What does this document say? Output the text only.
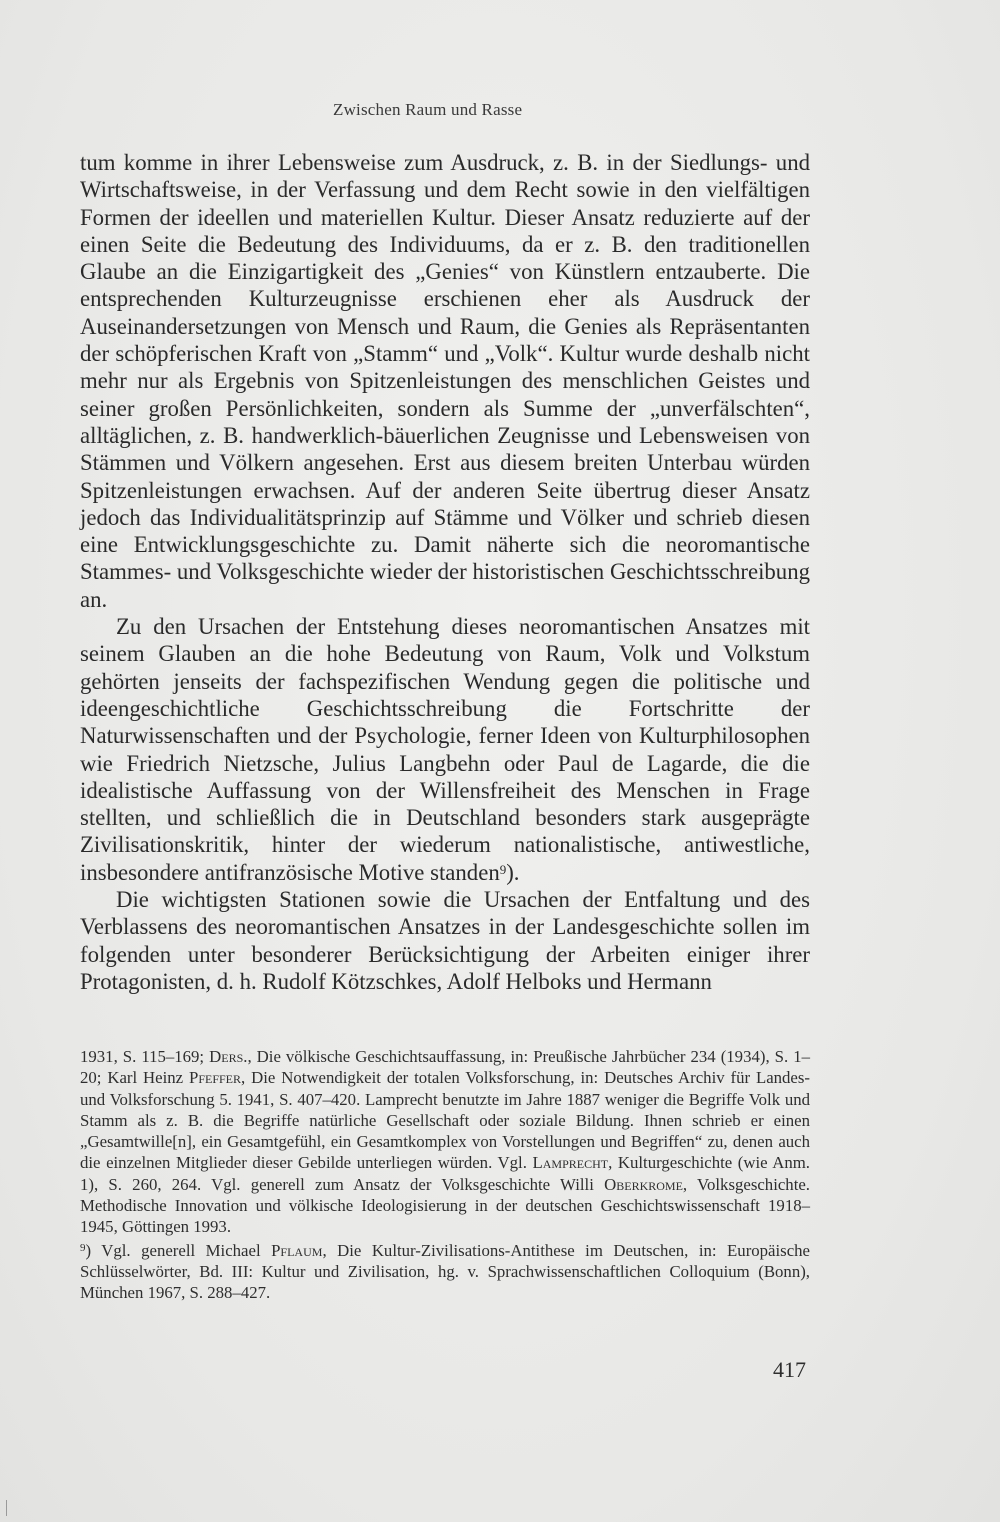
Zwischen Raum und Rasse

tum komme in ihrer Lebensweise zum Ausdruck, z. B. in der Siedlungs- und Wirtschaftsweise, in der Verfassung und dem Recht sowie in den vielfältigen Formen der ideellen und materiellen Kultur. Dieser Ansatz reduzierte auf der einen Seite die Bedeutung des Individuums, da er z. B. den traditionellen Glaube an die Einzigartigkeit des „Genies“ von Künstlern entzauberte. Die entsprechenden Kulturzeugnisse erschienen eher als Ausdruck der Auseinandersetzungen von Mensch und Raum, die Genies als Repräsentanten der schöpferischen Kraft von „Stamm“ und „Volk“. Kultur wurde deshalb nicht mehr nur als Ergebnis von Spitzenleistungen des menschlichen Geistes und seiner großen Persönlichkeiten, sondern als Summe der „unverfälschten“, alltäglichen, z. B. handwerklich-bäuerlichen Zeugnisse und Lebensweisen von Stämmen und Völkern angesehen. Erst aus diesem breiten Unterbau würden Spitzenleistungen erwachsen. Auf der anderen Seite übertrug dieser Ansatz jedoch das Individualitätsprinzip auf Stämme und Völker und schrieb diesen eine Entwicklungsgeschichte zu. Damit näherte sich die neoromantische Stammes- und Volksgeschichte wieder der historistischen Geschichtsschreibung an.

Zu den Ursachen der Entstehung dieses neoromantischen Ansatzes mit seinem Glauben an die hohe Bedeutung von Raum, Volk und Volkstum gehörten jenseits der fachspezifischen Wendung gegen die politische und ideengeschichtliche Geschichtsschreibung die Fortschritte der Naturwissenschaften und der Psychologie, ferner Ideen von Kulturphilosophen wie Friedrich Nietzsche, Julius Langbehn oder Paul de Lagarde, die die idealistische Auffassung von der Willensfreiheit des Menschen in Frage stellten, und schließlich die in Deutschland besonders stark ausgeprägte Zivilisationskritik, hinter der wiederum nationalistische, antiwestliche, insbesondere antifranzösische Motive standen$^9$).

Die wichtigsten Stationen sowie die Ursachen der Entfaltung und des Verblassens des neoromantischen Ansatzes in der Landesgeschichte sollen im folgenden unter besonderer Berücksichtigung der Arbeiten einiger ihrer Protagonisten, d. h. Rudolf Kötzschkes, Adolf Helboks und Hermann

1931, S. 115–169; Ders., Die völkische Geschichtsauffassung, in: Preußische Jahrbücher 234 (1934), S. 1–20; Karl Heinz Pfeffer, Die Notwendigkeit der totalen Volksforschung, in: Deutsches Archiv für Landes- und Volksforschung 5. 1941, S. 407–420. Lamprecht benutzte im Jahre 1887 weniger die Begriffe Volk und Stamm als z. B. die Begriffe natürliche Gesellschaft oder soziale Bildung. Ihnen schrieb er einen „Gesamtwille[n], ein Gesamtgefühl, ein Gesamtkomplex von Vorstellungen und Begriffen“ zu, denen auch die einzelnen Mitglieder dieser Gebilde unterliegen würden. Vgl. Lamprecht, Kulturgeschichte (wie Anm. 1), S. 260, 264. Vgl. generell zum Ansatz der Volksgeschichte Willi Oberkrome, Volksgeschichte. Methodische Innovation und völkische Ideologisierung in der deutschen Geschichtswissenschaft 1918–1945, Göttingen 1993.

$^9$) Vgl. generell Michael Pflaum, Die Kultur-Zivilisations-Antithese im Deutschen, in: Europäische Schlüsselwörter, Bd. III: Kultur und Zivilisation, hg. v. Sprachwissenschaftlichen Colloquium (Bonn), München 1967, S. 288–427.

417
